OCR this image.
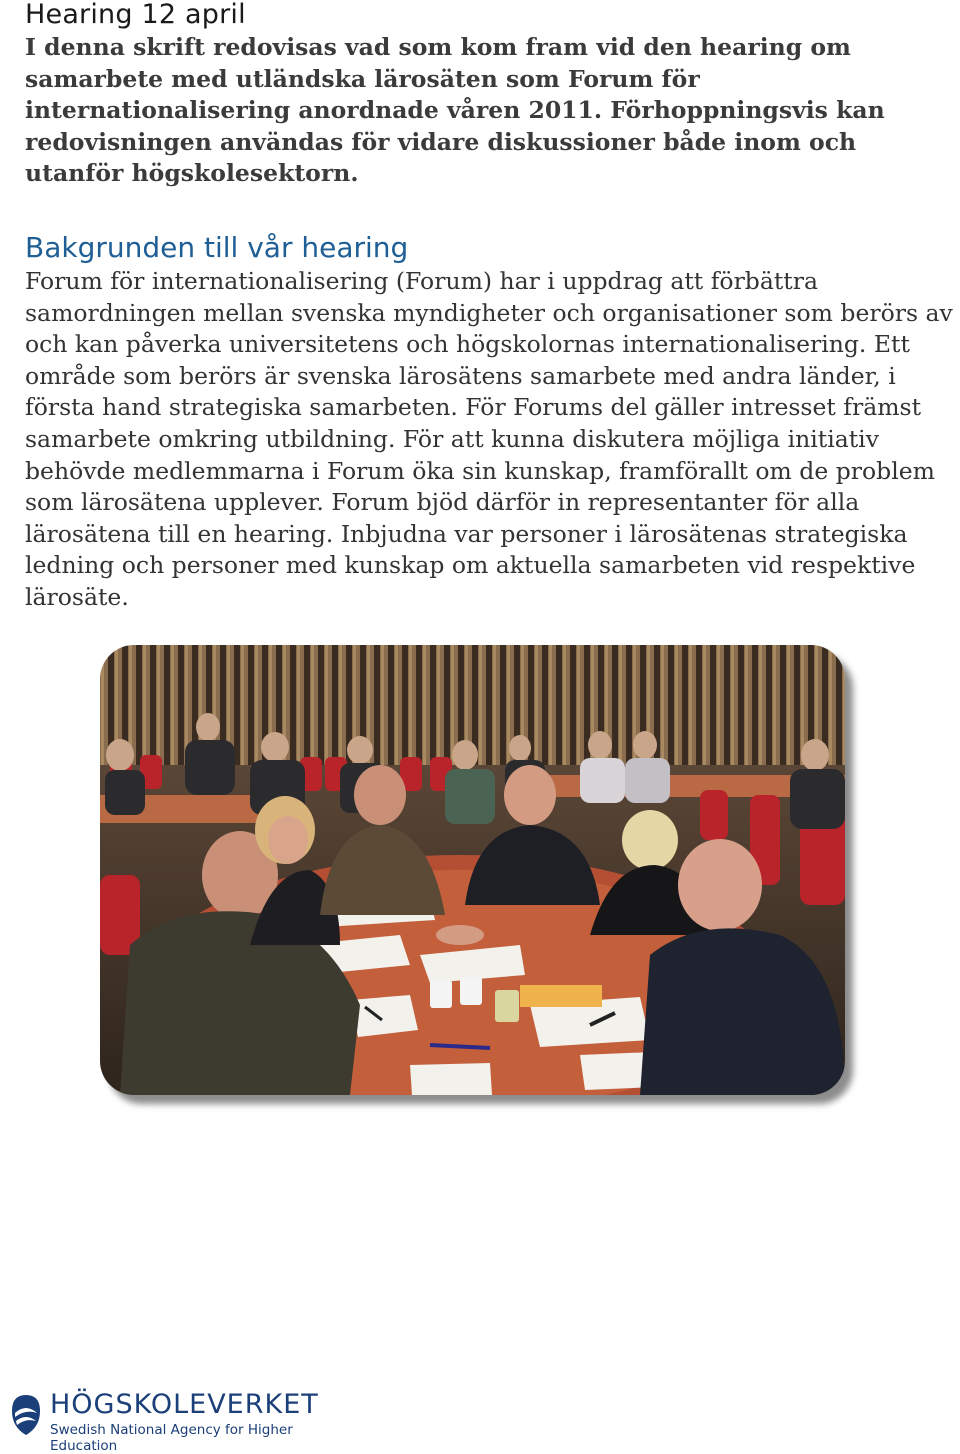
Hearing 12 april

I denna skrift redovisas vad som kom fram vid den hearing om samarbete med utländska lärosäten som Forum för internationalisering anordnade våren 2011. Förhoppningsvis kan redovisningen användas för vidare diskussioner både inom och utanför högskolesektorn.

Bakgrunden till vår hearing

Forum för internationalisering (Forum) har i uppdrag att förbättra samordningen mellan svenska myndigheter och organisationer som berörs av och kan påverka universitetens och högskolornas internationalisering. Ett område som berörs är svenska lärosätens samarbete med andra länder, i första hand strategiska samarbeten. För Forums del gäller intresset främst samarbete omkring utbildning. För att kunna diskutera möjliga initiativ behövde medlemmarna i Forum öka sin kunskap, framförallt om de problem som lärosätena upplever. Forum bjöd därför in representanter för alla lärosätena till en hearing. Inbjudna var personer i lärosätenas strategiska ledning och personer med kunskap om aktuella samarbeten vid respektive lärosäte.

HÖGSKOLEVERKET
Swedish National Agency for Higher Education
